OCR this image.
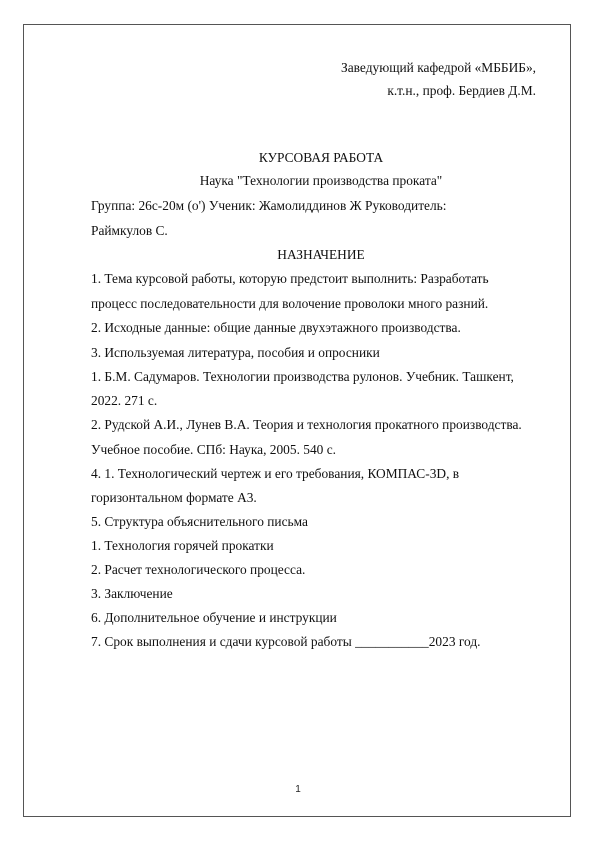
Заведующий кафедрой «МББИБ»,
к.т.н., проф. Бердиев Д.М.
КУРСОВАЯ РАБОТА
Наука "Технологии производства проката"
Группа: 26с-20м (o') Ученик: Жамолиддинов Ж Руководитель:
Раймкулов С.
НАЗНАЧЕНИЕ
1. Тема курсовой работы, которую предстоит выполнить: Разработать
процесс последовательности для волочение проволоки много разний.
2. Исходные данные: общие данные двухэтажного производства.
3. Используемая литература, пособия и опросники
1. Б.М. Садумаров. Технологии производства рулонов. Учебник. Ташкент,
2022. 271 с.
2. Рудской А.И., Лунев В.А. Теория и технология прокатного производства.
Учебное пособие. СПб: Наука, 2005. 540 с.
4. 1. Технологический чертеж и его требования, КОМПАС-3D, в
горизонтальном формате А3.
5. Структура объяснительного письма
1. Технология горячей прокатки
2. Расчет технологического процесса.
3. Заключение
6. Дополнительное обучение и инструкции
7. Срок выполнения и сдачи курсовой работы ___________2023 год.
1
